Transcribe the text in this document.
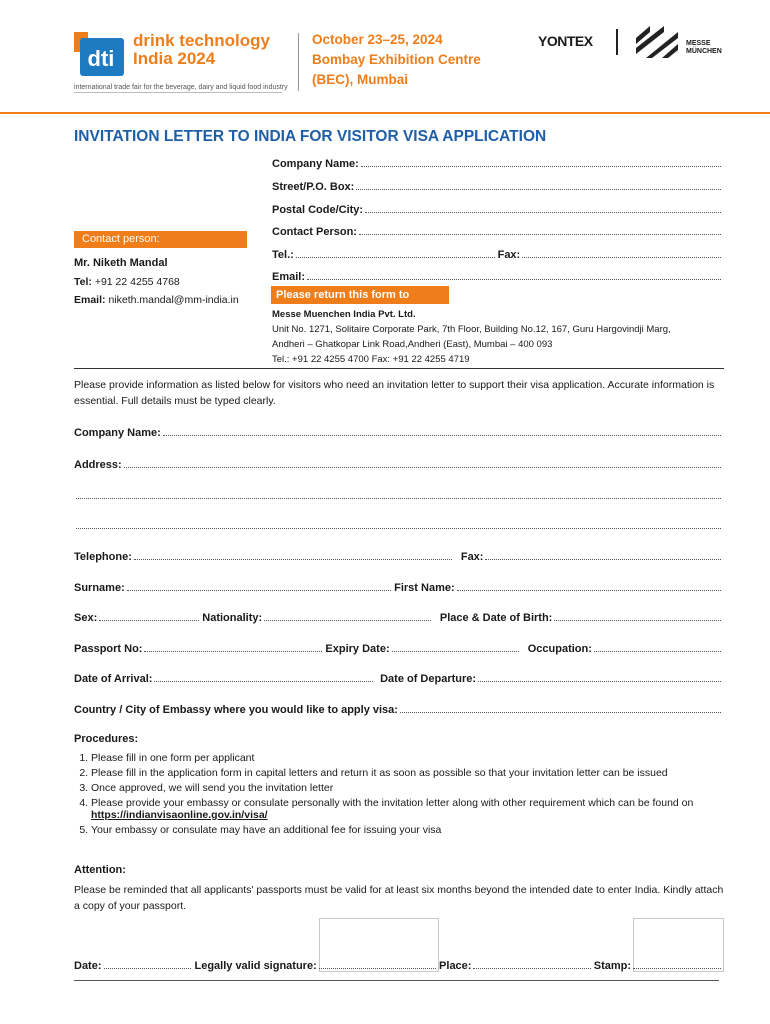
dti
drink technology
India 2024
international trade fair for the beverage, dairy and liquid food industry
October 23–25, 2024
Bombay Exhibition Centre
(BEC), Mumbai
YONTEX	MESSE
MÜNCHEN
INVITATION LETTER TO INDIA FOR VISITOR VISA APPLICATION
Company Name:
Street/P.O. Box:
Postal Code/City:
Contact Person:
Tel.:	Fax:
Email:
Contact person:
Mr. Niketh Mandal
Tel: +91 22 4255 4768
Email: niketh.mandal@mm-india.in	Please return this form to
Messe Muenchen India Pvt. Ltd.
Unit No. 1271, Solitaire Corporate Park, 7th Floor, Building No.12, 167, Guru Hargovindji Marg,
Andheri – Ghatkopar Link Road,Andheri (East), Mumbai – 400 093
Tel.: +91 22 4255 4700 Fax: +91 22 4255 4719
Please provide information as listed below for visitors who need an invitation letter to support their visa application. Accurate information is essential. Full details must be typed clearly.
Company Name:
Address:
Telephone:	Fax:
Surname:	First Name:
Sex:	Nationality:	Place & Date of Birth:
Passport No:	Expiry Date:	Occupation:
Date of Arrival:	Date of Departure:
Country / City of Embassy where you would like to apply visa:
Procedures:
1. Please fill in one form per applicant
2. Please fill in the application form in capital letters and return it as soon as possible so that your invitation letter can be issued
3. Once approved, we will send you the invitation letter
4. Please provide your embassy or consulate personally with the invitation letter along with other requirement which can be found on
https://indianvisaonline.gov.in/visa/
5. Your embassy or consulate may have an additional fee for issuing your visa
Attention:
Please be reminded that all applicants' passports must be valid for at least six months beyond the intended date to enter India. Kindly attach a copy of your passport.
Date:	Legally valid signature:	Place:	Stamp:
